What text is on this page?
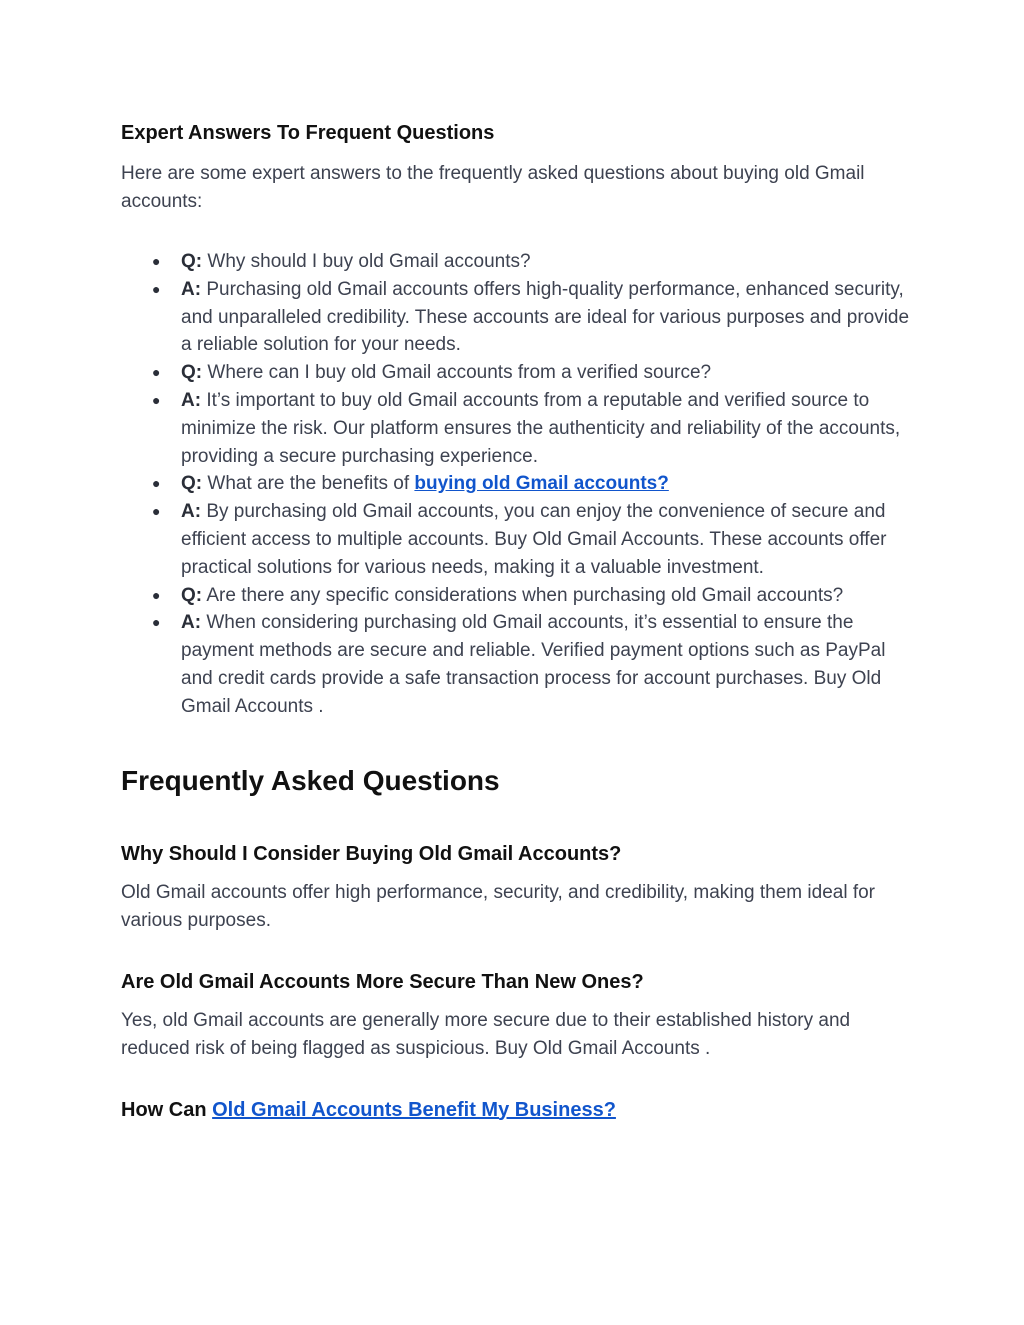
Expert Answers To Frequent Questions

Here are some expert answers to the frequently asked questions about buying old Gmail accounts:

● Q: Why should I buy old Gmail accounts?
● A: Purchasing old Gmail accounts offers high-quality performance, enhanced security, and unparalleled credibility. These accounts are ideal for various purposes and provide a reliable solution for your needs.
● Q: Where can I buy old Gmail accounts from a verified source?
● A: It’s important to buy old Gmail accounts from a reputable and verified source to minimize the risk. Our platform ensures the authenticity and reliability of the accounts, providing a secure purchasing experience.
● Q: What are the benefits of buying old Gmail accounts?
● A: By purchasing old Gmail accounts, you can enjoy the convenience of secure and efficient access to multiple accounts. Buy Old Gmail Accounts. These accounts offer practical solutions for various needs, making it a valuable investment.
● Q: Are there any specific considerations when purchasing old Gmail accounts?
● A: When considering purchasing old Gmail accounts, it’s essential to ensure the payment methods are secure and reliable. Verified payment options such as PayPal and credit cards provide a safe transaction process for account purchases. Buy Old Gmail Accounts .
Frequently Asked Questions
Why Should I Consider Buying Old Gmail Accounts?

Old Gmail accounts offer high performance, security, and credibility, making them ideal for various purposes.

Are Old Gmail Accounts More Secure Than New Ones?

Yes, old Gmail accounts are generally more secure due to their established history and reduced risk of being flagged as suspicious. Buy Old Gmail Accounts .

How Can Old Gmail Accounts Benefit My Business?
